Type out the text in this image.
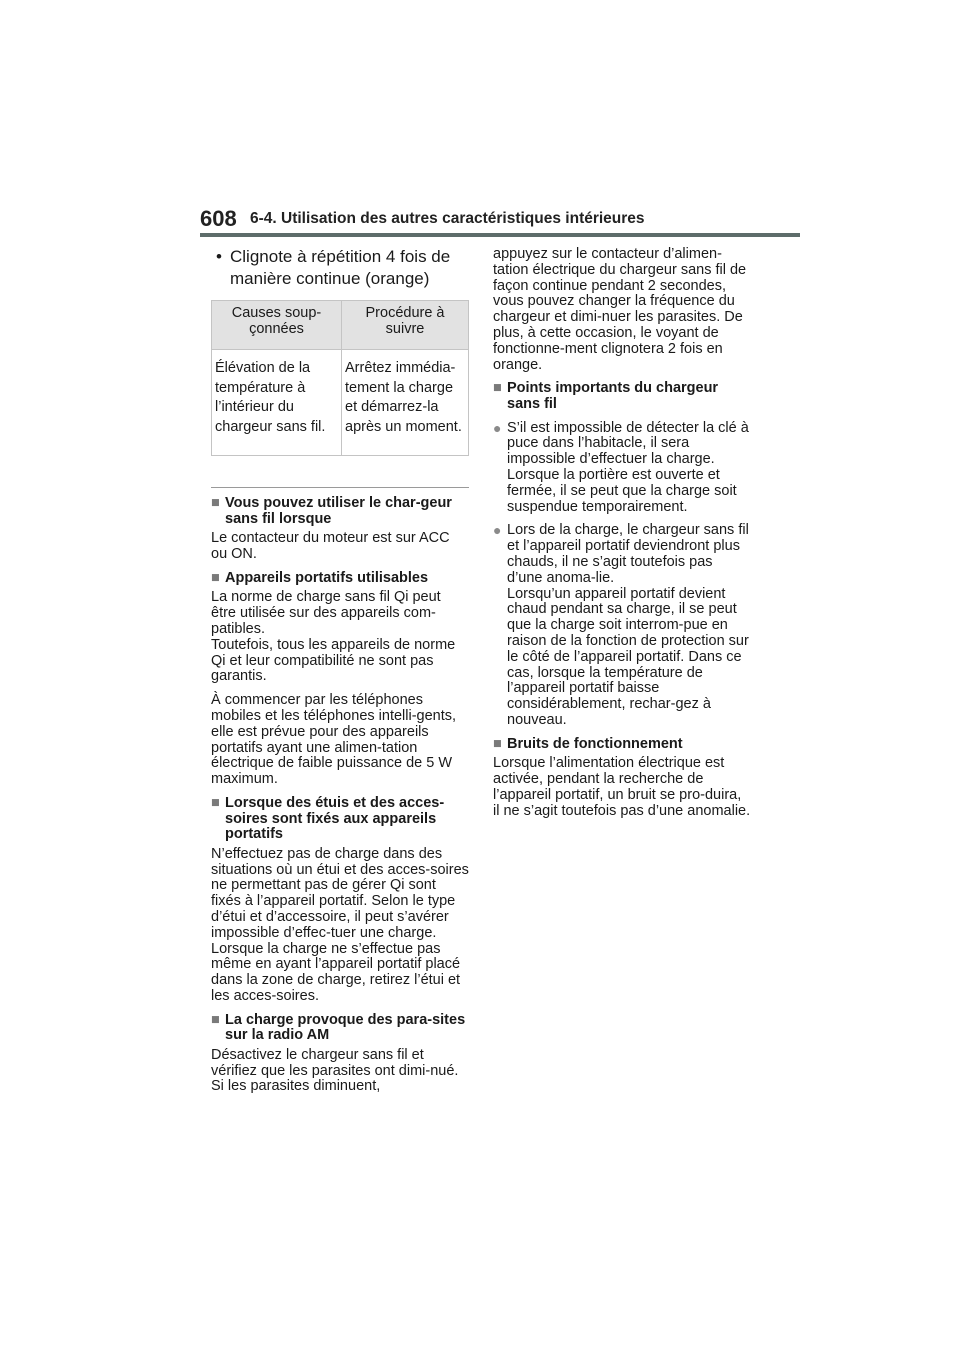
608 6-4. Utilisation des autres caractéristiques intérieures

• Clignote à répétition 4 fois de manière continue (orange)

Causes soup-çonnées	Procédure à suivre
Élévation de la température à l’intérieur du chargeur sans fil.	Arrêtez immédia-tement la charge et démarrez-la après un moment.

■ Vous pouvez utiliser le char-geur sans fil lorsque

Le contacteur du moteur est sur ACC ou ON.

■ Appareils portatifs utilisables

La norme de charge sans fil Qi peut être utilisée sur des appareils com-patibles.
Toutefois, tous les appareils de norme Qi et leur compatibilité ne sont pas garantis.

À commencer par les téléphones mobiles et les téléphones intelli-gents, elle est prévue pour des appareils portatifs ayant une alimen-tation électrique de faible puissance de 5 W maximum.

■ Lorsque des étuis et des acces-soires sont fixés aux appareils portatifs

N’effectuez pas de charge dans des situations où un étui et des acces-soires ne permettant pas de gérer Qi sont fixés à l’appareil portatif. Selon le type d’étui et d’accessoire, il peut s’avérer impossible d’effec-tuer une charge. Lorsque la charge ne s’effectue pas même en ayant l’appareil portatif placé dans la zone de charge, retirez l’étui et les acces-soires.

■ La charge provoque des para-sites sur la radio AM

Désactivez le chargeur sans fil et vérifiez que les parasites ont dimi-nué. Si les parasites diminuent,

appuyez sur le contacteur d’alimen-tation électrique du chargeur sans fil de façon continue pendant 2 secondes, vous pouvez changer la fréquence du chargeur et dimi-nuer les parasites. De plus, à cette occasion, le voyant de fonctionne-ment clignotera 2 fois en orange.

■ Points importants du chargeur sans fil

● S’il est impossible de détecter la clé à puce dans l’habitacle, il sera impossible d’effectuer la charge. Lorsque la portière est ouverte et fermée, il se peut que la charge soit suspendue temporairement.

● Lors de la charge, le chargeur sans fil et l’appareil portatif deviendront plus chauds, il ne s’agit toutefois pas d’une anoma-lie.
Lorsqu’un appareil portatif devient chaud pendant sa charge, il se peut que la charge soit interrom-pue en raison de la fonction de protection sur le côté de l’appareil portatif. Dans ce cas, lorsque la température de l’appareil portatif baisse considérablement, rechar-gez à nouveau.

■ Bruits de fonctionnement

Lorsque l’alimentation électrique est activée, pendant la recherche de l’appareil portatif, un bruit se pro-duira, il ne s’agit toutefois pas d’une anomalie.
